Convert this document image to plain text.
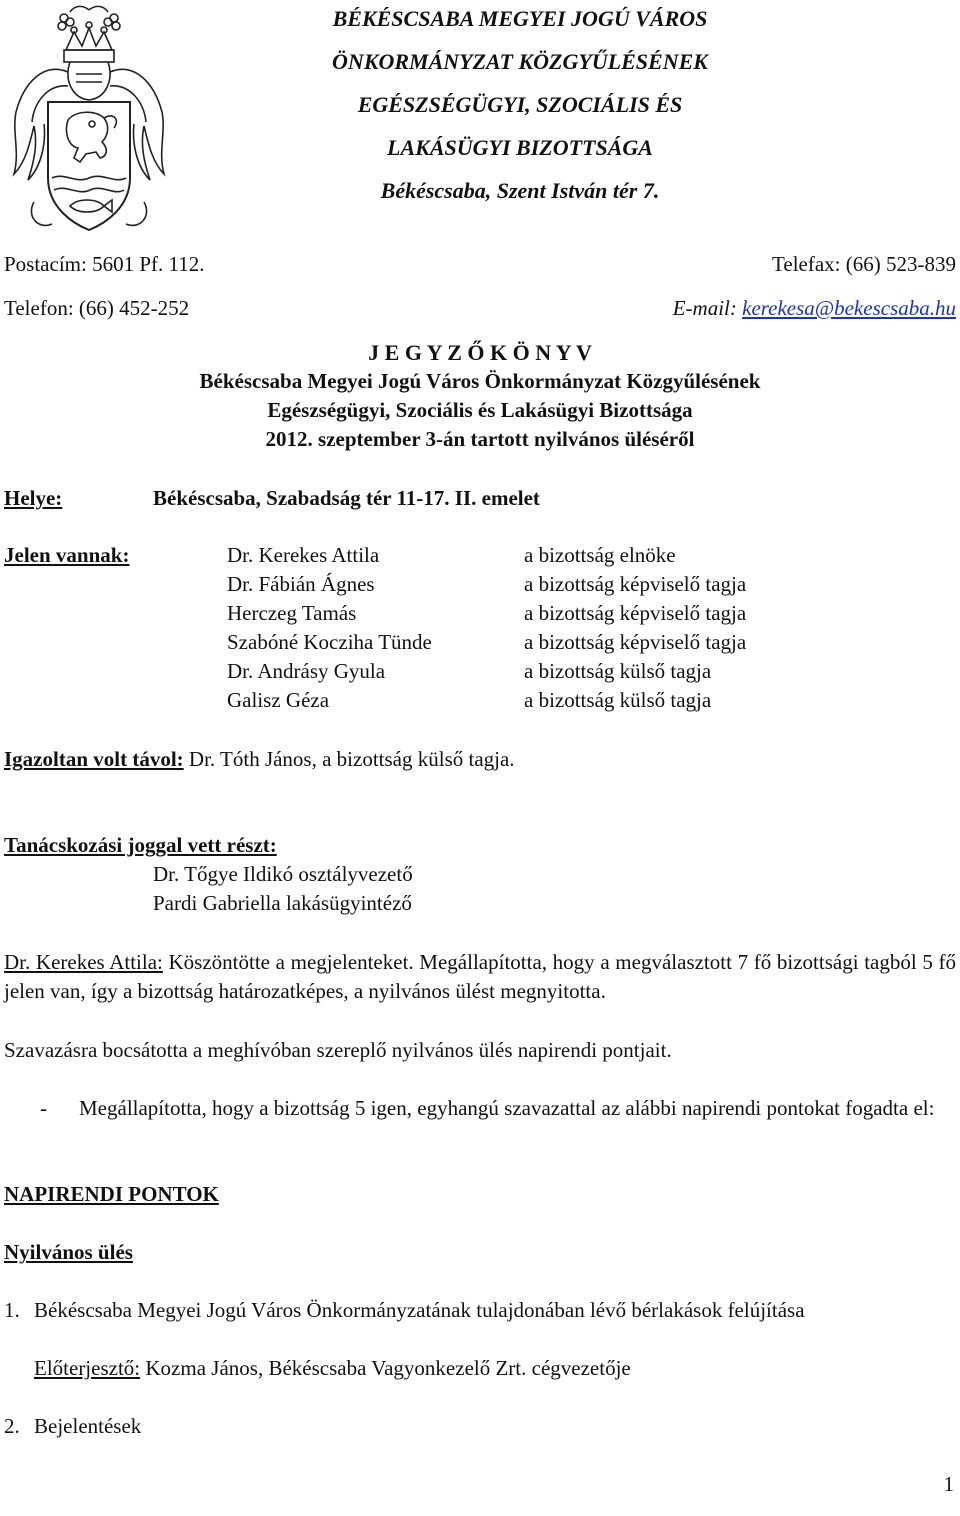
BÉKÉSCSABA MEGYEI JOGÚ VÁROS
ÖNKORMÁNYZAT KÖZGYŰLÉSÉNEK
EGÉSZSÉGÜGYI, SZOCIÁLIS ÉS
LAKÁSÜGYI BIZOTTSÁGA
Békéscsaba, Szent István tér 7.
Postacím: 5601 Pf. 112.	Telefax: (66) 523-839
Telefon: (66) 452-252	E-mail: kerekesa@bekescsaba.hu
J E G Y Z Ő K Ö N Y V
Békéscsaba Megyei Jogú Város Önkormányzat Közgyűlésének
Egészségügyi, Szociális és Lakásügyi Bizottsága
2012. szeptember 3-án tartott nyilvános üléséről
Helye:	Békéscsaba, Szabadság tér 11-17. II. emelet
Jelen vannak:	Dr. Kerekes Attila	a bizottság elnöke
Dr. Fábián Ágnes	a bizottság képviselő tagja
Herczeg Tamás	a bizottság képviselő tagja
Szabóné Kocziha Tünde	a bizottság képviselő tagja
Dr. Andrásy Gyula	a bizottság külső tagja
Galisz Géza	a bizottság külső tagja
Igazoltan volt távol: Dr. Tóth János, a bizottság külső tagja.
Tanácskozási joggal vett részt:
Dr. Tőgye Ildikó osztályvezető
Pardi Gabriella lakásügyintéző
Dr. Kerekes Attila: Köszöntötte a megjelenteket. Megállapította, hogy a megválasztott 7 fő bizottsági tagból 5 fő jelen van, így a bizottság határozatképes, a nyilvános ülést megnyitotta.
Szavazásra bocsátotta a meghívóban szereplő nyilvános ülés napirendi pontjait.
- Megállapította, hogy a bizottság 5 igen, egyhangú szavazattal az alábbi napirendi pontokat fogadta el:
NAPIRENDI PONTOK
Nyilvános ülés
1. Békéscsaba Megyei Jogú Város Önkormányzatának tulajdonában lévő bérlakások felújítása
Előterjesztő: Kozma János, Békéscsaba Vagyonkezelő Zrt. cégvezetője
2. Bejelentések
1
